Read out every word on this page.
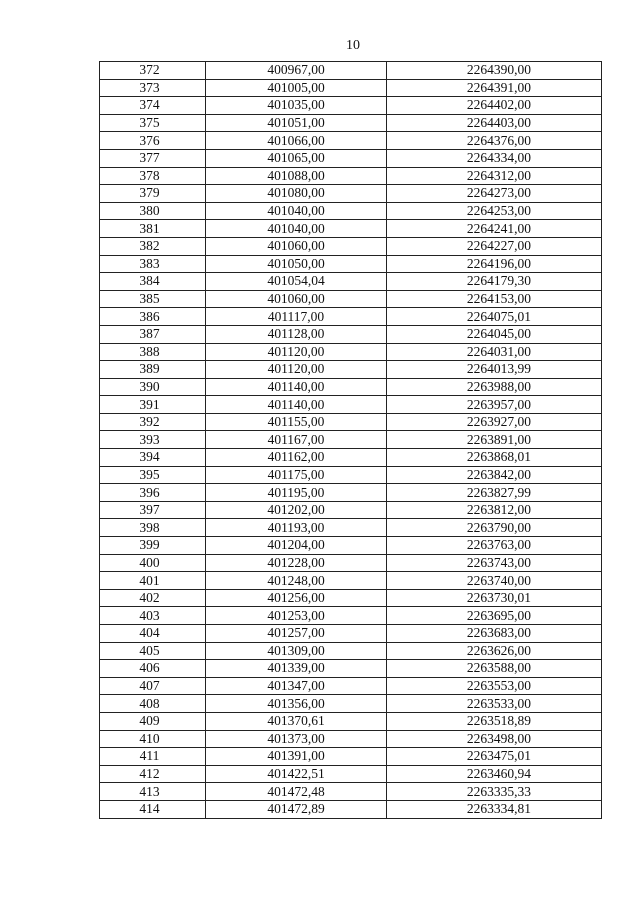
10
372	400967,00	2264390,00
373	401005,00	2264391,00
374	401035,00	2264402,00
375	401051,00	2264403,00
376	401066,00	2264376,00
377	401065,00	2264334,00
378	401088,00	2264312,00
379	401080,00	2264273,00
380	401040,00	2264253,00
381	401040,00	2264241,00
382	401060,00	2264227,00
383	401050,00	2264196,00
384	401054,04	2264179,30
385	401060,00	2264153,00
386	401117,00	2264075,01
387	401128,00	2264045,00
388	401120,00	2264031,00
389	401120,00	2264013,99
390	401140,00	2263988,00
391	401140,00	2263957,00
392	401155,00	2263927,00
393	401167,00	2263891,00
394	401162,00	2263868,01
395	401175,00	2263842,00
396	401195,00	2263827,99
397	401202,00	2263812,00
398	401193,00	2263790,00
399	401204,00	2263763,00
400	401228,00	2263743,00
401	401248,00	2263740,00
402	401256,00	2263730,01
403	401253,00	2263695,00
404	401257,00	2263683,00
405	401309,00	2263626,00
406	401339,00	2263588,00
407	401347,00	2263553,00
408	401356,00	2263533,00
409	401370,61	2263518,89
410	401373,00	2263498,00
411	401391,00	2263475,01
412	401422,51	2263460,94
413	401472,48	2263335,33
414	401472,89	2263334,81
